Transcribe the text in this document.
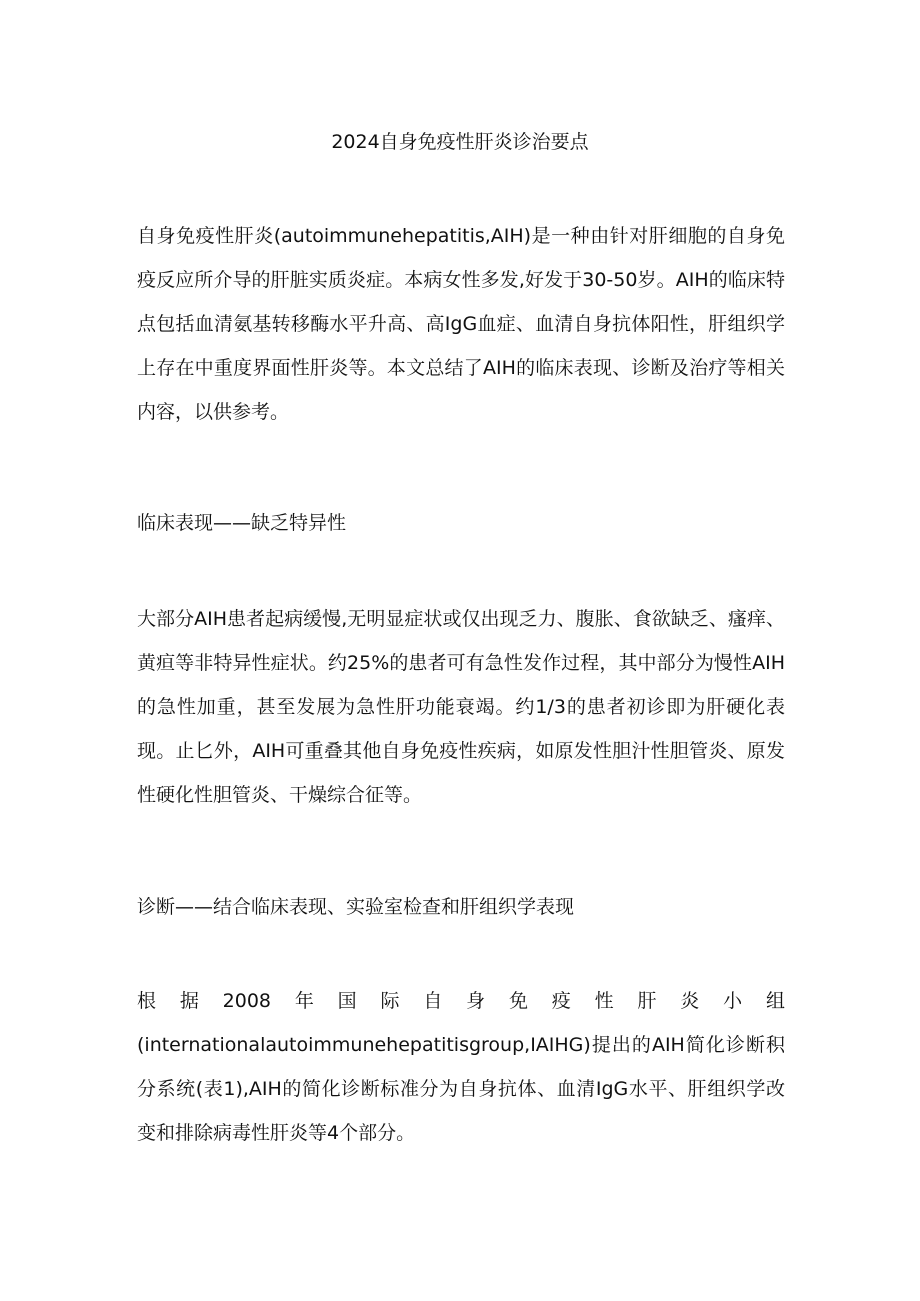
2024自身免疫性肝炎诊治要点

自身免疫性肝炎(autoimmunehepatitis,AIH)是一种由针对肝细胞的自身免疫反应所介导的肝脏实质炎症。本病女性多发,好发于30-50岁。AIH的临床特点包括血清氨基转移酶水平升高、高IgG血症、血清自身抗体阳性，肝组织学上存在中重度界面性肝炎等。本文总结了AIH的临床表现、诊断及治疗等相关内容，以供参考。

临床表现——缺乏特异性

大部分AIH患者起病缓慢,无明显症状或仅出现乏力、腹胀、食欲缺乏、瘙痒、黄疸等非特异性症状。约25%的患者可有急性发作过程，其中部分为慢性AIH的急性加重，甚至发展为急性肝功能衰竭。约1/3的患者初诊即为肝硬化表现。止匕外，AIH可重叠其他自身免疫性疾病，如原发性胆汁性胆管炎、原发性硬化性胆管炎、干燥综合征等。

诊断——结合临床表现、实验室检查和肝组织学表现
根 据 2008 年 国 际 自 身 免 疫 性 肝 炎 小 组
(internationalautoimmunehepatitisgroup,IAIHG)提出的AIH简化诊断积分系统(表1),AIH的简化诊断标准分为自身抗体、血清IgG水平、肝组织学改变和排除病毒性肝炎等4个部分。
